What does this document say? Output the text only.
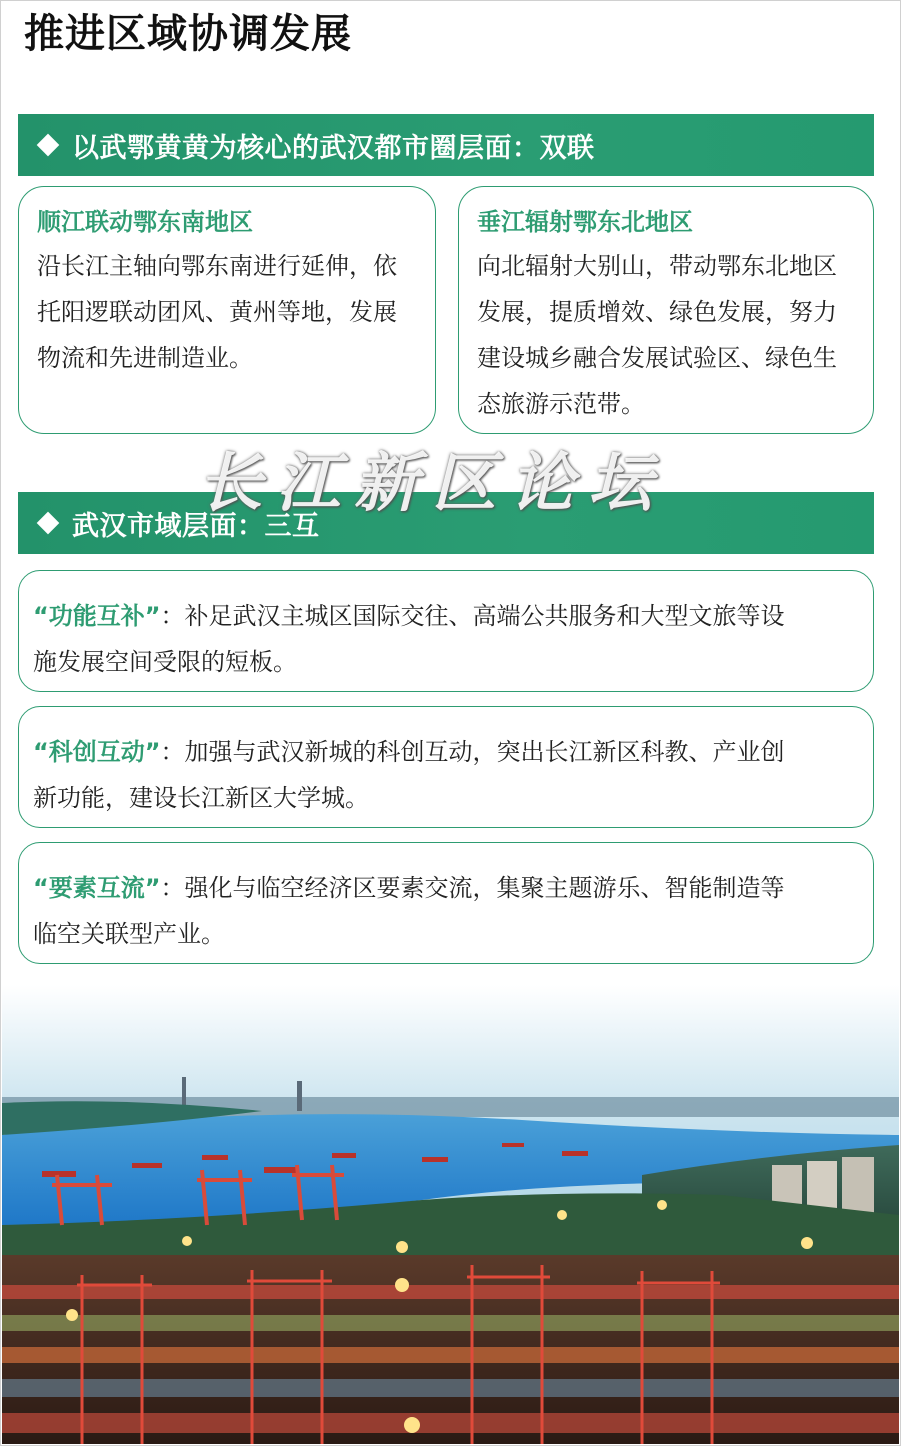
推进区域协调发展
以武鄂黄黄为核心的武汉都市圈层面：双联
顺江联动鄂东南地区
沿长江主轴向鄂东南进行延伸，依
托阳逻联动团风、黄州等地，发展
物流和先进制造业。
垂江辐射鄂东北地区
向北辐射大别山，带动鄂东北地区
发展，提质增效、绿色发展，努力
建设城乡融合发展试验区、绿色生
态旅游示范带。
武汉市域层面：三互
长江新区论坛
“功能互补”：补足武汉主城区国际交往、高端公共服务和大型文旅等设
施发展空间受限的短板。
“科创互动”：加强与武汉新城的科创互动，突出长江新区科教、产业创
新功能，建设长江新区大学城。
“要素互流”：强化与临空经济区要素交流，集聚主题游乐、智能制造等
临空关联型产业。
